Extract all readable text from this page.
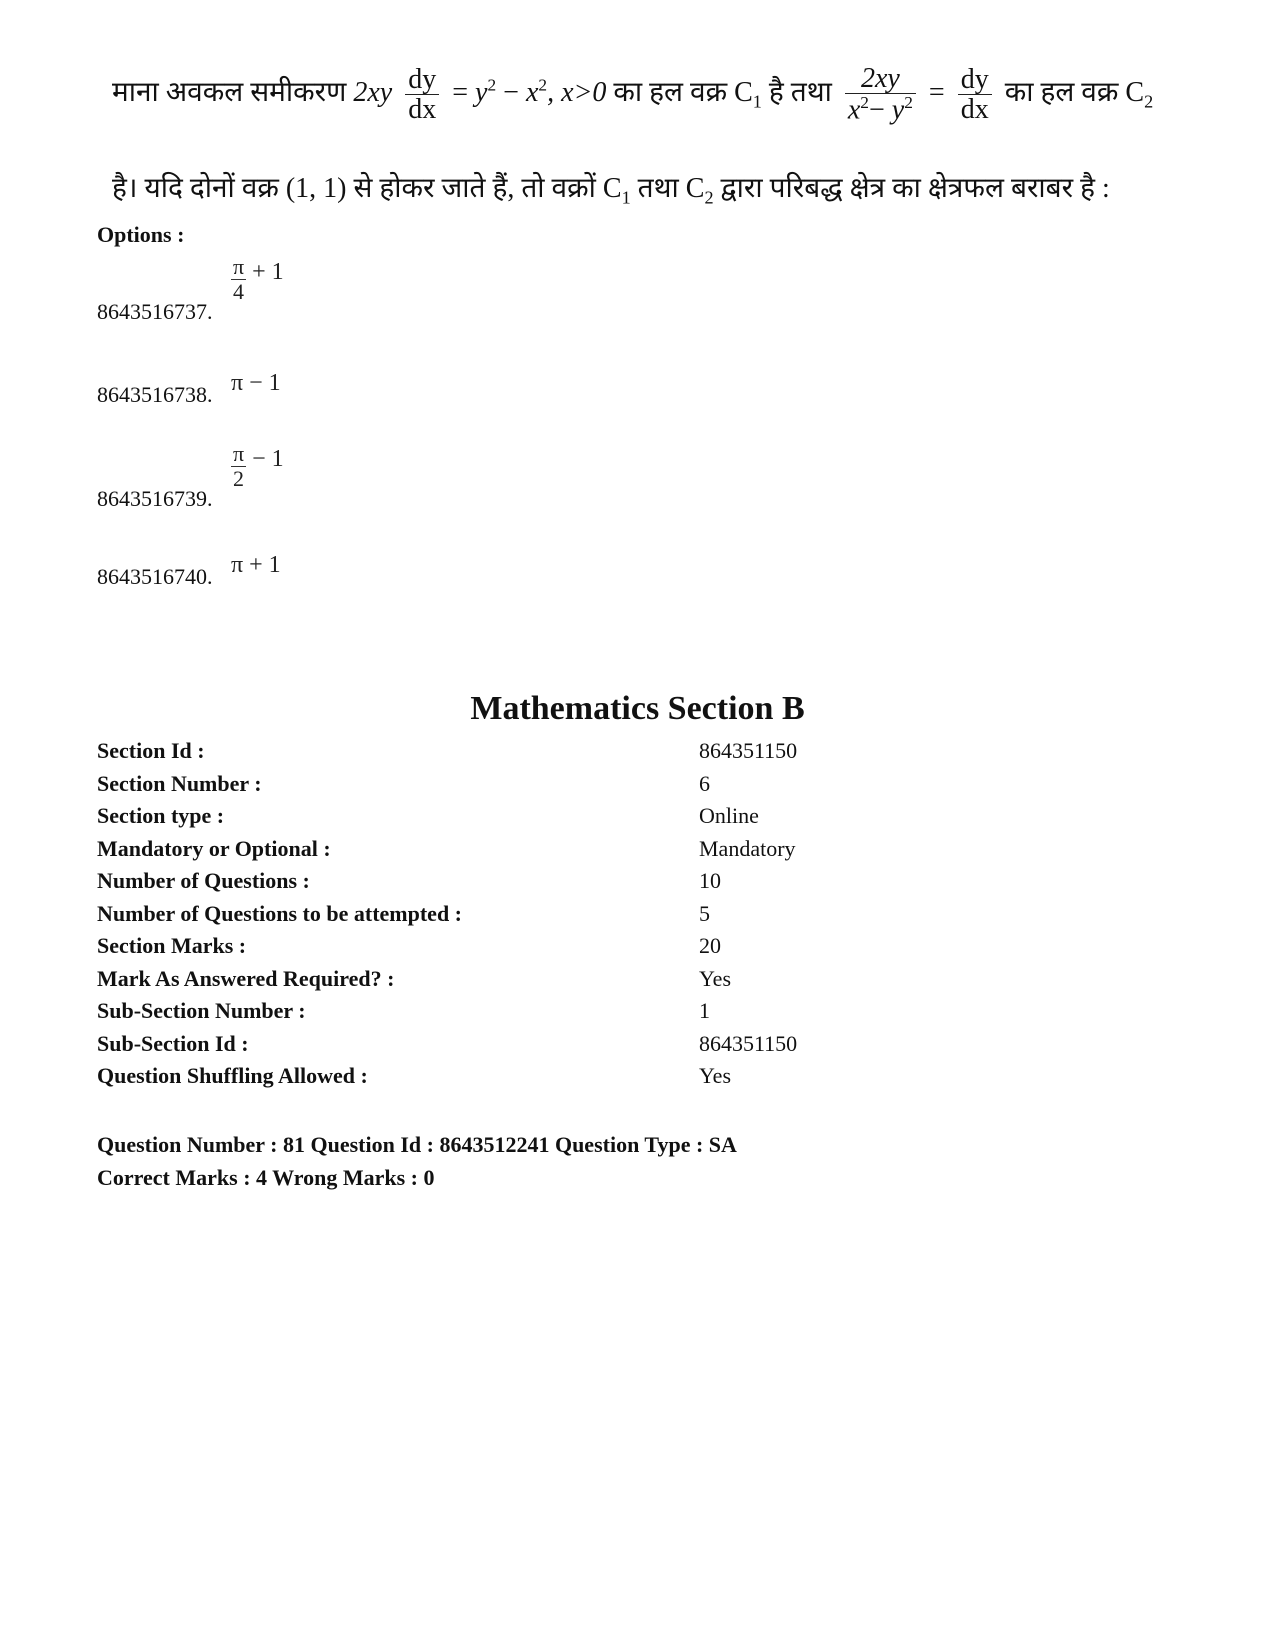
माना अवकल समीकरण $2xy \frac{dy}{dx} = y^2 - x^2$, x>0 का हल वक्र $C_1$ है तथा $\frac{2xy}{x^2- y^2} = \frac{dy}{dx}$ का हल वक्र $C_2$
है। यदि दोनों वक्र (1, 1) से होकर जाते हैं, तो वक्रों $C_1$ तथा $C_2$ द्वारा परिबद्ध क्षेत्र का क्षेत्रफल बराबर है :
Options :
8643516737.
$\frac{\pi}{4} + 1$
8643516738. π − 1
8643516739.
$\frac{\pi}{2} - 1$
8643516740. π + 1
Mathematics Section B
Section Id :	864351150
Section Number :	6
Section type :	Online
Mandatory or Optional :	Mandatory
Number of Questions :	10
Number of Questions to be attempted :	5
Section Marks :	20
Mark As Answered Required? :	Yes
Sub-Section Number :	1
Sub-Section Id :	864351150
Question Shuffling Allowed :	Yes
Question Number : 81 Question Id : 8643512241 Question Type : SA
Correct Marks : 4 Wrong Marks : 0
